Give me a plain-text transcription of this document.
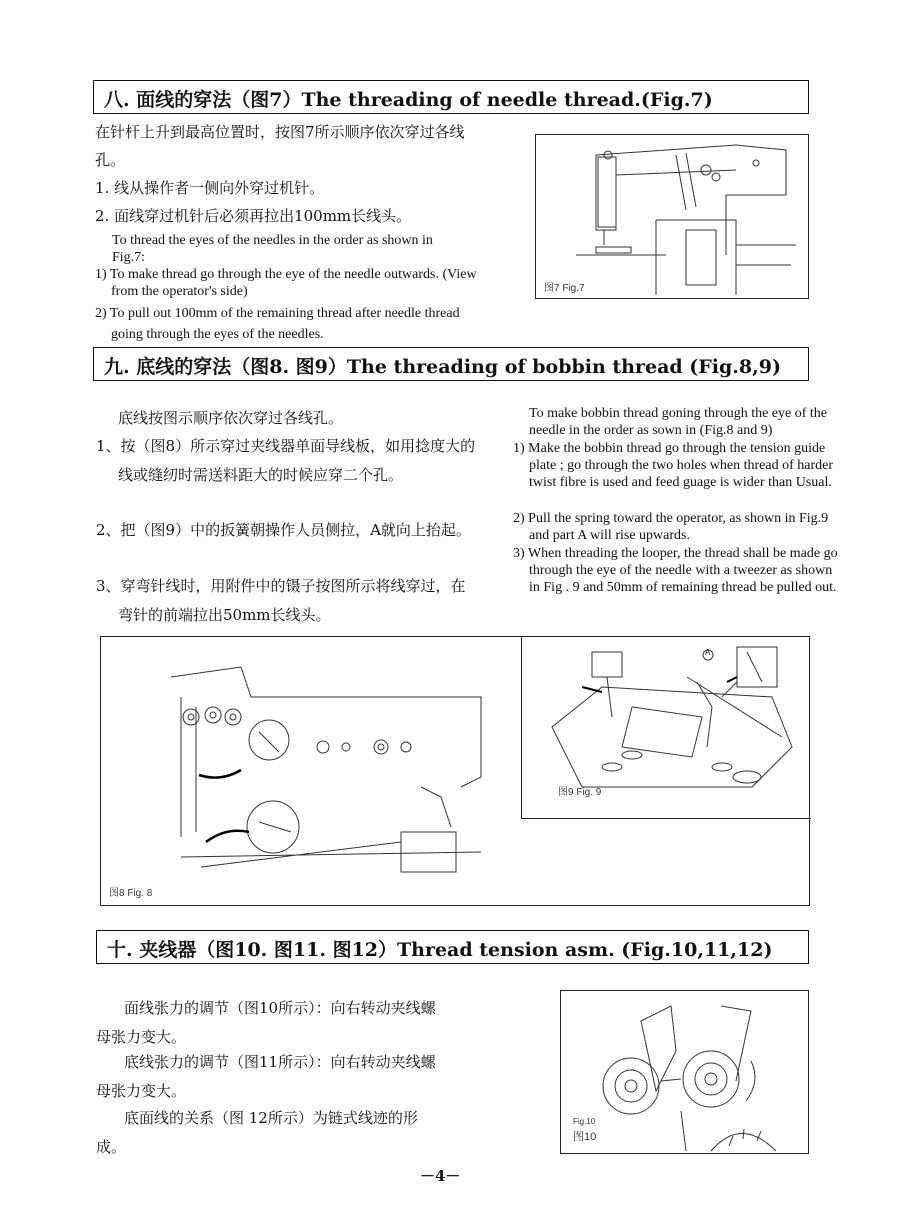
八. 面线的穿法（图7）The threading of needle thread.(Fig.7)
在针杆上升到最高位置时，按图7所示顺序依次穿过各线孔。
1. 线从操作者一侧向外穿过机针。
2. 面线穿过机针后必须再拉出100mm长线头。
To thread the eyes of the needles in the order as shown in Fig.7:
1) To make thread go through the eye of the needle outwards. (View from the operator's side)
2) To pull out 100mm of the remaining thread after needle thread going through the eyes of the needles.
图7 Fig.7
九. 底线的穿法（图8. 图9）The threading of bobbin thread (Fig.8,9)
底线按图示顺序依次穿过各线孔。
1、按（图8）所示穿过夹线器单面导线板，如用捻度大的线或缝纫时需送料距大的时候应穿二个孔。
2、把（图9）中的扳簧朝操作人员侧拉，A就向上抬起。
3、穿弯针线时，用附件中的镊子按图所示将线穿过，在弯针的前端拉出50mm长线头。
To make bobbin thread goning through the eye of the needle in the order as sown in (Fig.8 and 9)
1) Make the bobbin thread go through the tension guide plate ; go through the two holes when thread of harder twist fibre is used and feed guage is wider than Usual.
2) Pull the spring toward the operator, as shown in Fig.9 and part A will rise upwards.
3) When threading the looper, the thread shall be made go through the eye of the needle with a tweezer as shown in Fig . 9 and 50mm of remaining thread be pulled out.
图8 Fig. 8
A
图9 Fig. 9
十. 夹线器（图10. 图11. 图12）Thread tension asm. (Fig.10,11,12)
面线张力的调节（图10所示）：向右转动夹线螺母张力变大。
底线张力的调节（图11所示）：向右转动夹线螺母张力变大。
底面线的关系（图 12所示）为链式线迹的形成。
Fig.10
图10
－4－
